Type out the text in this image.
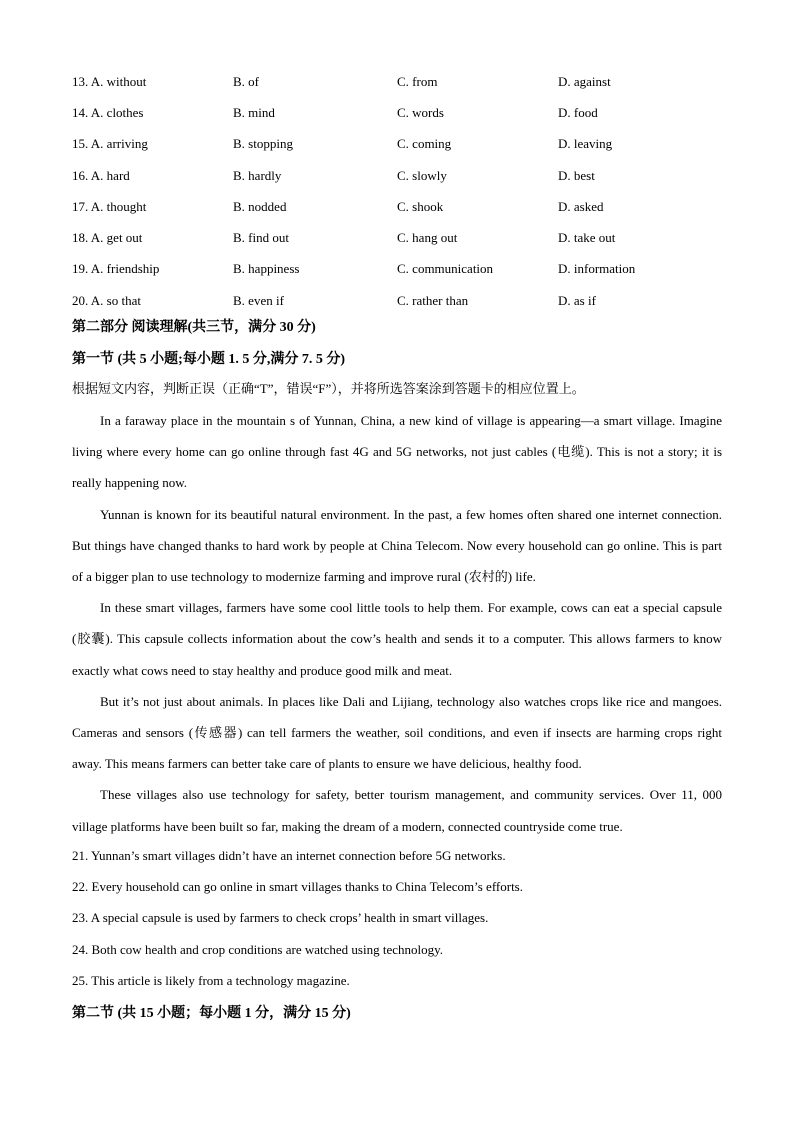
13. A. without	B. of	C. from	D. against
14. A. clothes	B. mind	C. words	D. food
15. A. arriving	B. stopping	C. coming	D. leaving
16. A. hard	B. hardly	C. slowly	D. best
17. A. thought	B. nodded	C. shook	D. asked
18. A. get out	B. find out	C. hang out	D. take out
19. A. friendship	B. happiness	C. communication	D. information
20. A. so that	B. even if	C. rather than	D. as if
第二部分 阅读理解(共三节，满分 30 分)
第一节 (共 5 小题;每小题 1. 5 分,满分 7. 5 分)
根据短文内容，判断正误（正确“T”，错误“F”），并将所选答案涂到答题卡的相应位置上。

In a faraway place in the mountain s of Yunnan, China, a new kind of village is appearing—a smart village. Imagine living where every home can go online through fast 4G and 5G networks, not just cables (电缆). This is not a story; it is really happening now.

Yunnan is known for its beautiful natural environment. In the past, a few homes often shared one internet connection. But things have changed thanks to hard work by people at China Telecom. Now every household can go online. This is part of a bigger plan to use technology to modernize farming and improve rural (农村的) life.

In these smart villages, farmers have some cool little tools to help them. For example, cows can eat a special capsule (胶囊). This capsule collects information about the cow’s health and sends it to a computer. This allows farmers to know exactly what cows need to stay healthy and produce good milk and meat.

But it’s not just about animals. In places like Dali and Lijiang, technology also watches crops like rice and mangoes. Cameras and sensors (传感器) can tell farmers the weather, soil conditions, and even if insects are harming crops right away. This means farmers can better take care of plants to ensure we have delicious, healthy food.

These villages also use technology for safety, better tourism management, and community services. Over 11, 000 village platforms have been built so far, making the dream of a modern, connected countryside come true.

21. Yunnan’s smart villages didn’t have an internet connection before 5G networks.
22. Every household can go online in smart villages thanks to China Telecom’s efforts.
23. A special capsule is used by farmers to check crops’ health in smart villages.
24. Both cow health and crop conditions are watched using technology.
25. This article is likely from a technology magazine.
第二节 (共 15 小题；每小题 1 分，满分 15 分)
